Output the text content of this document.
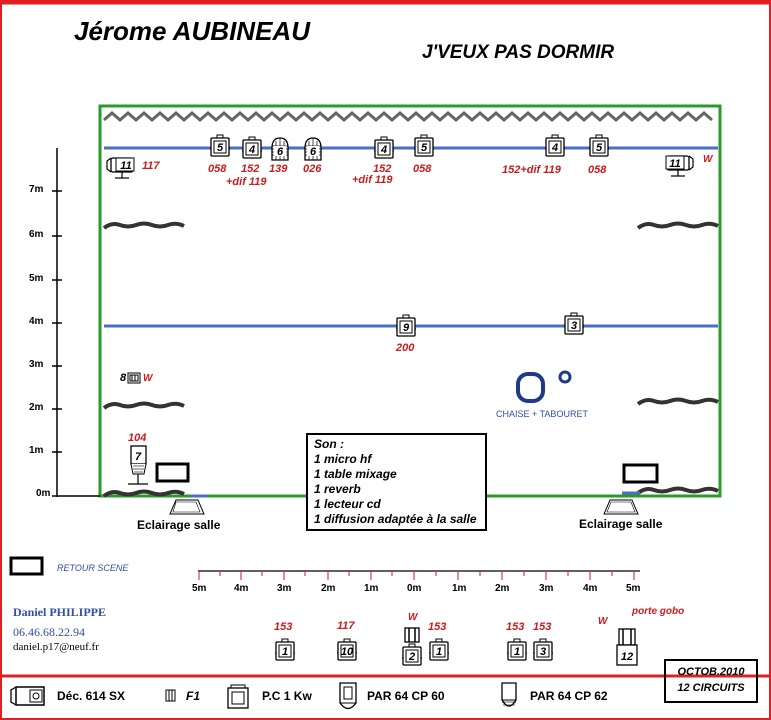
5 4 6 6	4	5	4	5
11	11
9	3
7
1	10	2 1	1 3	12
Jérome AUBINEAU
J'VEUX PAS DORMIR
7m
6m
5m
4m
3m
2m
1m
0m
058 152
+dif 119
139 026	152
+dif 119
058	152+dif 119 058
117
W
200
8 W
104
CHAISE + TABOURET
Eclairage salle	Eclairage salle
Son :
1 micro hf
1 table mixage
1 reverb
1 lecteur cd
1 diffusion adaptée à la salle
RETOUR SCENE
5m	4m	3m	2m	1m	0m	1m	2m	3m	4m	5m
Daniel PHILIPPE
06.46.68.22.94
daniel.p17@neuf.fr
153	117
W
153	153 153	W
porte gobo
OCTOB.2010
12 CIRCUITS
Déc. 614 SX	F1	P.C 1 Kw	PAR 64 CP 60	PAR 64 CP 62
